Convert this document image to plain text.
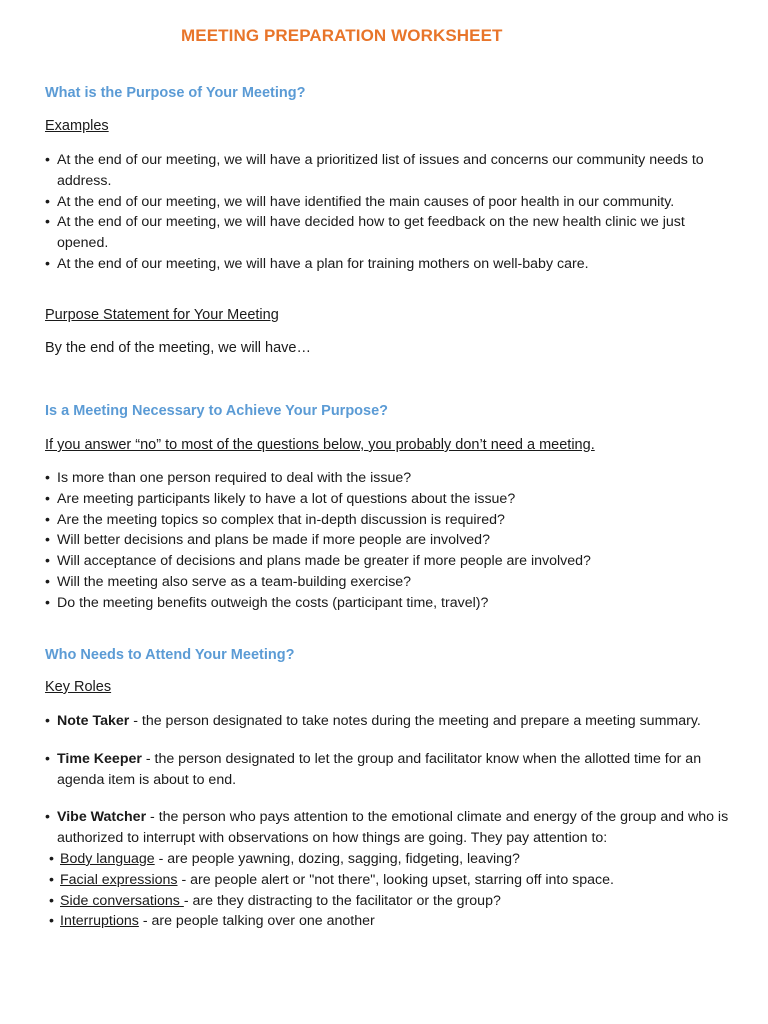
MEETING PREPARATION WORKSHEET
What is the Purpose of Your Meeting?
Examples
• At the end of our meeting, we will have a prioritized list of issues and concerns our community needs to address.
• At the end of our meeting, we will have identified the main causes of poor health in our community.
• At the end of our meeting, we will have decided how to get feedback on the new health clinic we just opened.
• At the end of our meeting, we will have a plan for training mothers on well-baby care.
Purpose Statement for Your Meeting
By the end of the meeting, we will have…
Is a Meeting Necessary to Achieve Your Purpose?
If you answer “no” to most of the questions below, you probably don’t need a meeting.
• Is more than one person required to deal with the issue?
• Are meeting participants likely to have a lot of questions about the issue?
• Are the meeting topics so complex that in-depth discussion is required?
• Will better decisions and plans be made if more people are involved?
• Will acceptance of decisions and plans made be greater if more people are involved?
• Will the meeting also serve as a team-building exercise?
• Do the meeting benefits outweigh the costs (participant time, travel)?
Who Needs to Attend Your Meeting?
Key Roles
• Note Taker - the person designated to take notes during the meeting and prepare a meeting summary.
• Time Keeper - the person designated to let the group and facilitator know when the allotted time for an agenda item is about to end.
• Vibe Watcher - the person who pays attention to the emotional climate and energy of the group and who is authorized to interrupt with observations on how things are going. They pay attention to:
• Body language - are people yawning, dozing, sagging, fidgeting, leaving?
• Facial expressions - are people alert or "not there", looking upset, starring off into space.
• Side conversations - are they distracting to the facilitator or the group?
• Interruptions - are people talking over one another
